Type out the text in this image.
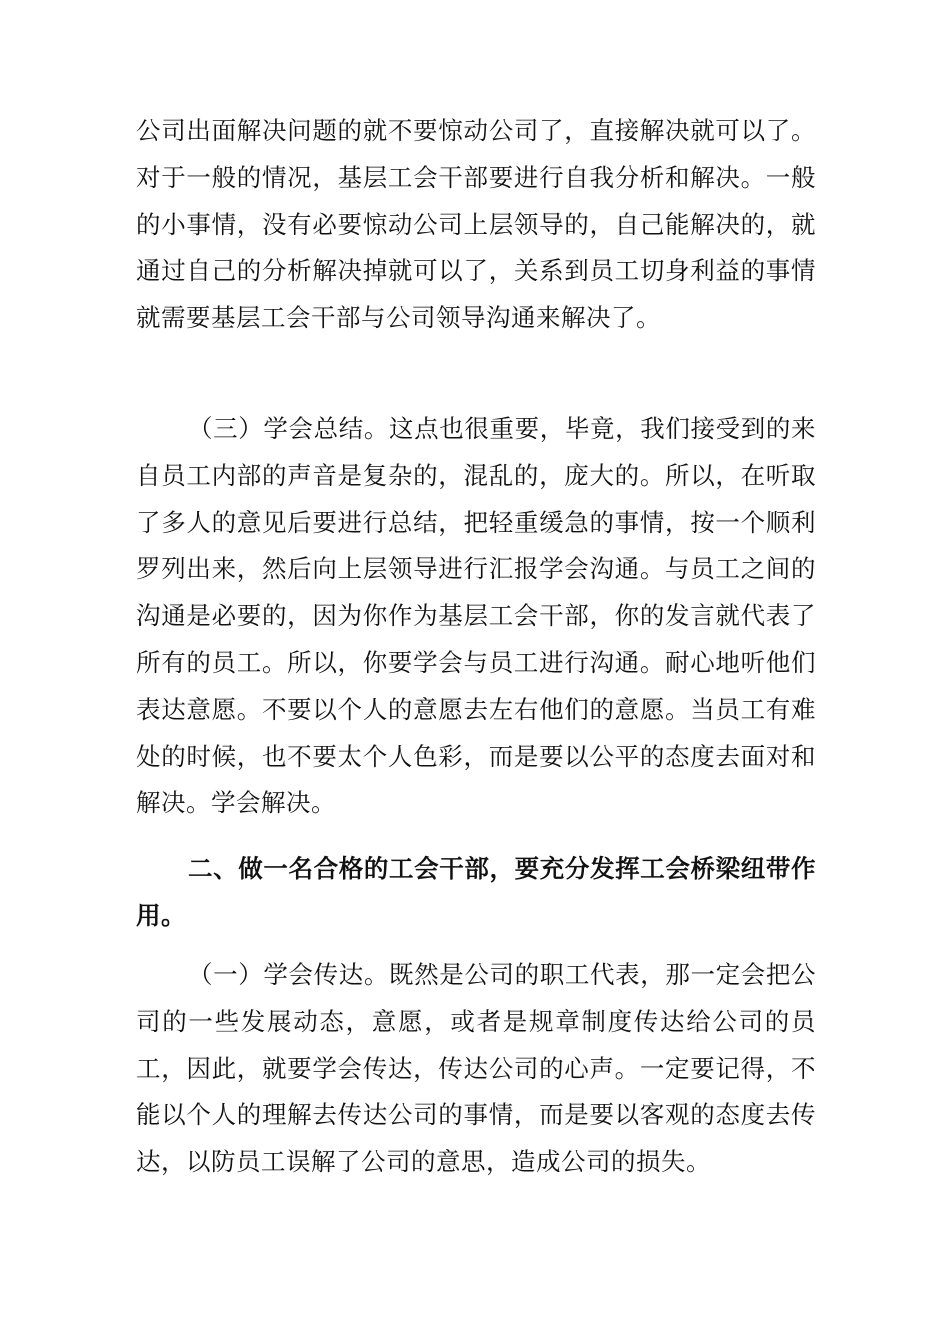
公司出面解决问题的就不要惊动公司了，直接解决就可以了。对于一般的情况，基层工会干部要进行自我分析和解决。一般的小事情，没有必要惊动公司上层领导的，自己能解决的，就通过自己的分析解决掉就可以了，关系到员工切身利益的事情就需要基层工会干部与公司领导沟通来解决了。

（三）学会总结。这点也很重要，毕竟，我们接受到的来自员工内部的声音是复杂的，混乱的，庞大的。所以，在听取了多人的意见后要进行总结，把轻重缓急的事情，按一个顺利罗列出来，然后向上层领导进行汇报学会沟通。与员工之间的沟通是必要的，因为你作为基层工会干部，你的发言就代表了所有的员工。所以，你要学会与员工进行沟通。耐心地听他们表达意愿。不要以个人的意愿去左右他们的意愿。当员工有难处的时候，也不要太个人色彩，而是要以公平的态度去面对和解决。学会解决。

二、做一名合格的工会干部，要充分发挥工会桥梁纽带作用。

（一）学会传达。既然是公司的职工代表，那一定会把公司的一些发展动态，意愿，或者是规章制度传达给公司的员工，因此，就要学会传达，传达公司的心声。一定要记得，不能以个人的理解去传达公司的事情，而是要以客观的态度去传达，以防员工误解了公司的意思，造成公司的损失。
